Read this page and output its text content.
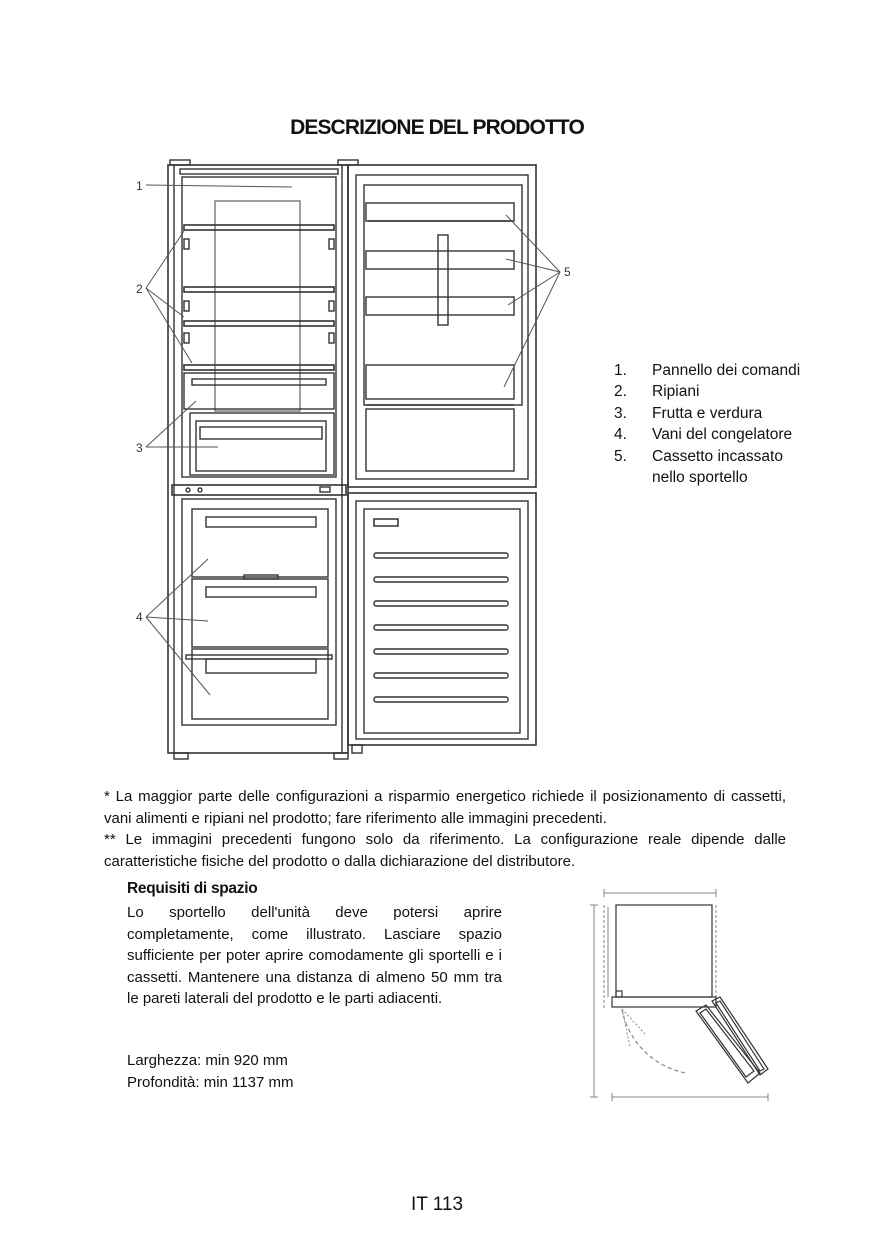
DESCRIZIONE DEL PRODOTTO
1
2
3
4
5
1. Pannello dei comandi
2. Ripiani
3. Frutta e verdura
4. Vani del congelatore
5. Cassetto incassato nello sportello

* La maggior parte delle configurazioni a risparmio energetico richiede il posizionamento di cassetti, vani alimenti e ripiani nel prodotto; fare riferimento alle immagini precedenti.

** Le immagini precedenti fungono solo da riferimento. La configurazione reale dipende dalle caratteristiche fisiche del prodotto o dalla dichiarazione del distributore.

Requisiti di spazio

Lo sportello dell'unità deve potersi aprire completamente, come illustrato. Lasciare spazio sufficiente per poter aprire comodamente gli sportelli e i cassetti. Mantenere una distanza di almeno 50 mm tra le pareti laterali del prodotto e le parti adiacenti.

Larghezza: min 920 mm
Profondità: min 1137 mm
IT 113
